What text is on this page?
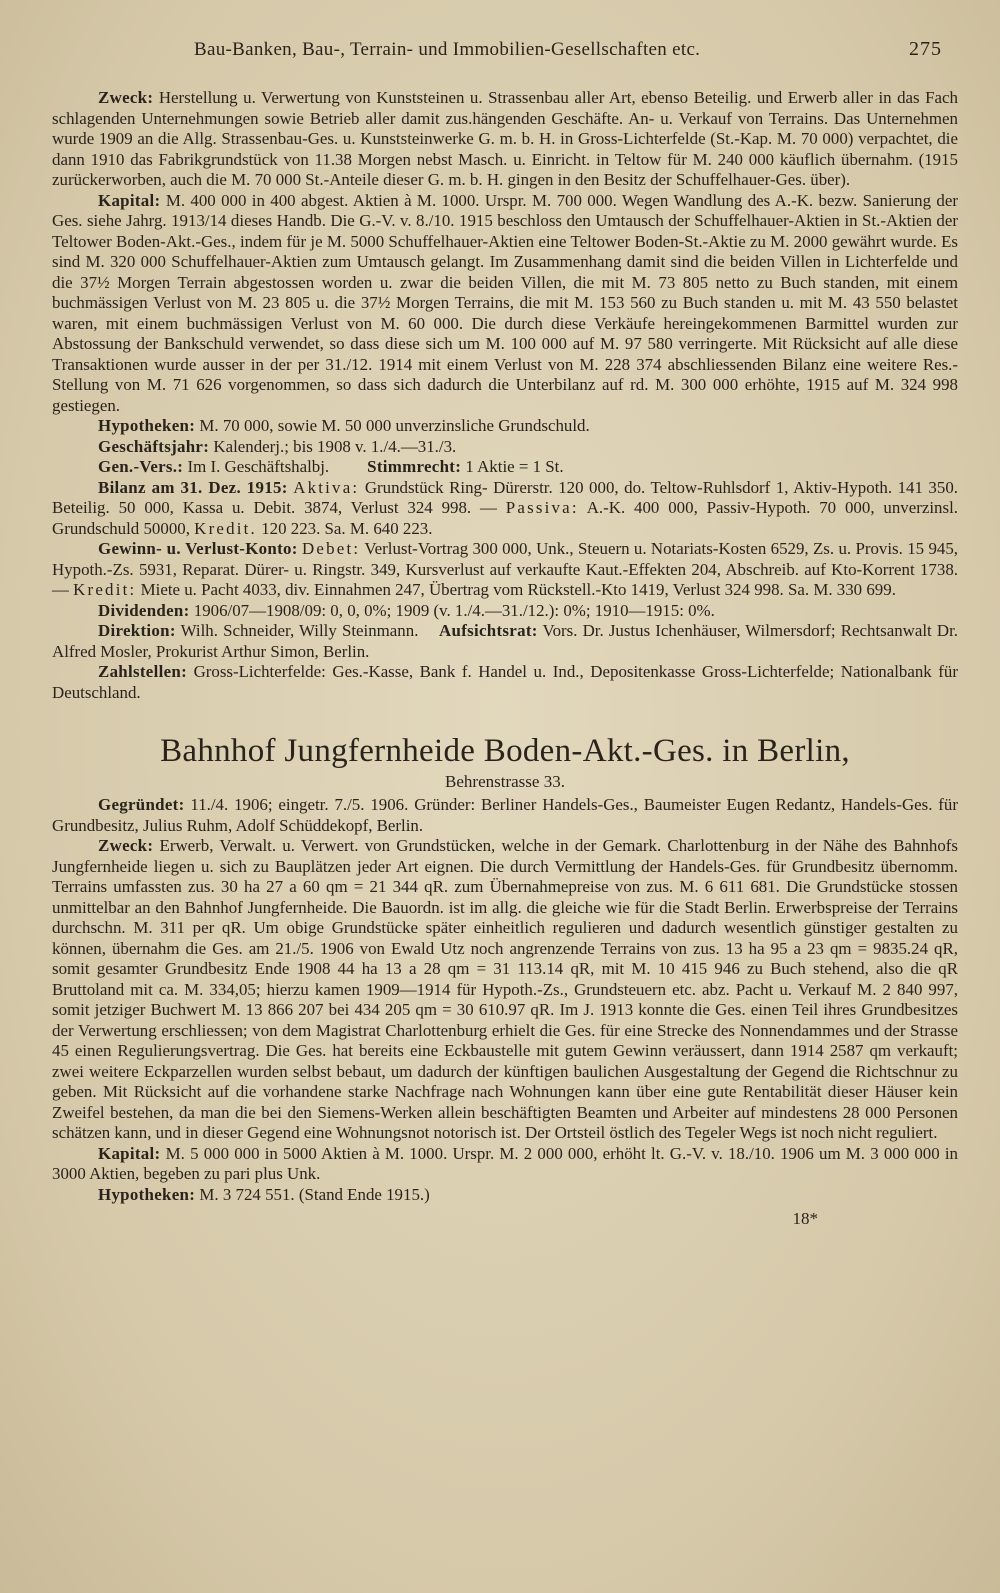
Bau-Banken, Bau-, Terrain- und Immobilien-Gesellschaften etc.	275

Zweck: Herstellung u. Verwertung von Kunststeinen u. Strassenbau aller Art, ebenso Beteilig. und Erwerb aller in das Fach schlagenden Unternehmungen sowie Betrieb aller damit zus.hängenden Geschäfte. An- u. Verkauf von Terrains. Das Unternehmen wurde 1909 an die Allg. Strassenbau-Ges. u. Kunststeinwerke G. m. b. H. in Gross-Lichterfelde (St.-Kap. M. 70 000) verpachtet, die dann 1910 das Fabrikgrundstück von 11.38 Morgen nebst Masch. u. Einricht. in Teltow für M. 240 000 käuflich übernahm. (1915 zurückerworben, auch die M. 70 000 St.-Anteile dieser G. m. b. H. gingen in den Besitz der Schuffelhauer-Ges. über).

Kapital: M. 400 000 in 400 abgest. Aktien à M. 1000. Urspr. M. 700 000. Wegen Wandlung des A.-K. bezw. Sanierung der Ges. siehe Jahrg. 1913/14 dieses Handb. Die G.-V. v. 8./10. 1915 beschloss den Umtausch der Schuffelhauer-Aktien in St.-Aktien der Teltower Boden-Akt.-Ges., indem für je M. 5000 Schuffelhauer-Aktien eine Teltower Boden-St.-Aktie zu M. 2000 gewährt wurde. Es sind M. 320 000 Schuffelhauer-Aktien zum Umtausch gelangt. Im Zusammenhang damit sind die beiden Villen in Lichterfelde und die 37½ Morgen Terrain abgestossen worden u. zwar die beiden Villen, die mit M. 73 805 netto zu Buch standen, mit einem buchmässigen Verlust von M. 23 805 u. die 37½ Morgen Terrains, die mit M. 153 560 zu Buch standen u. mit M. 43 550 belastet waren, mit einem buchmässigen Verlust von M. 60 000. Die durch diese Verkäufe hereingekommenen Barmittel wurden zur Abstossung der Bankschuld verwendet, so dass diese sich um M. 100 000 auf M. 97 580 verringerte. Mit Rücksicht auf alle diese Transaktionen wurde ausser in der per 31./12. 1914 mit einem Verlust von M. 228 374 abschliessenden Bilanz eine weitere Res.-Stellung von M. 71 626 vorgenommen, so dass sich dadurch die Unterbilanz auf rd. M. 300 000 erhöhte, 1915 auf M. 324 998 gestiegen.

Hypotheken: M. 70 000, sowie M. 50 000 unverzinsliche Grundschuld.

Geschäftsjahr: Kalenderj.; bis 1908 v. 1./4.—31./3.

Gen.-Vers.: Im I. Geschäftshalbj. Stimmrecht: 1 Aktie = 1 St.

Bilanz am 31. Dez. 1915: Aktiva: Grundstück Ring- Dürerstr. 120 000, do. Teltow-Ruhlsdorf 1, Aktiv-Hypoth. 141 350. Beteilig. 50 000, Kassa u. Debit. 3874, Verlust 324 998. — Passiva: A.-K. 400 000, Passiv-Hypoth. 70 000, unverzinsl. Grundschuld 50000, Kredit. 120 223. Sa. M. 640 223.

Gewinn- u. Verlust-Konto: Debet: Verlust-Vortrag 300 000, Unk., Steuern u. Notariats-Kosten 6529, Zs. u. Provis. 15 945, Hypoth.-Zs. 5931, Reparat. Dürer- u. Ringstr. 349, Kursverlust auf verkaufte Kaut.-Effekten 204, Abschreib. auf Kto-Korrent 1738. — Kredit: Miete u. Pacht 4033, div. Einnahmen 247, Übertrag vom Rückstell.-Kto 1419, Verlust 324 998. Sa. M. 330 699.

Dividenden: 1906/07—1908/09: 0, 0, 0%; 1909 (v. 1./4.—31./12.): 0%; 1910—1915: 0%.

Direktion: Wilh. Schneider, Willy Steinmann. Aufsichtsrat: Vors. Dr. Justus Ichenhäuser, Wilmersdorf; Rechtsanwalt Dr. Alfred Mosler, Prokurist Arthur Simon, Berlin.

Zahlstellen: Gross-Lichterfelde: Ges.-Kasse, Bank f. Handel u. Ind., Depositenkasse Gross-Lichterfelde; Nationalbank für Deutschland.

Bahnhof Jungfernheide Boden-Akt.-Ges. in Berlin,
Behrenstrasse 33.

Gegründet: 11./4. 1906; eingetr. 7./5. 1906. Gründer: Berliner Handels-Ges., Baumeister Eugen Redantz, Handels-Ges. für Grundbesitz, Julius Ruhm, Adolf Schüddekopf, Berlin.

Zweck: Erwerb, Verwalt. u. Verwert. von Grundstücken, welche in der Gemark. Charlottenburg in der Nähe des Bahnhofs Jungfernheide liegen u. sich zu Bauplätzen jeder Art eignen. Die durch Vermittlung der Handels-Ges. für Grundbesitz übernomm. Terrains umfassten zus. 30 ha 27 a 60 qm = 21 344 qR. zum Übernahmepreise von zus. M. 6 611 681. Die Grundstücke stossen unmittelbar an den Bahnhof Jungfernheide. Die Bauordn. ist im allg. die gleiche wie für die Stadt Berlin. Erwerbspreise der Terrains durchschn. M. 311 per qR. Um obige Grundstücke später einheitlich regulieren und dadurch wesentlich günstiger gestalten zu können, übernahm die Ges. am 21./5. 1906 von Ewald Utz noch angrenzende Terrains von zus. 13 ha 95 a 23 qm = 9835.24 qR, somit gesamter Grundbesitz Ende 1908 44 ha 13 a 28 qm = 31 113.14 qR, mit M. 10 415 946 zu Buch stehend, also die qR Bruttoland mit ca. M. 334,05; hierzu kamen 1909—1914 für Hypoth.-Zs., Grundsteuern etc. abz. Pacht u. Verkauf M. 2 840 997, somit jetziger Buchwert M. 13 866 207 bei 434 205 qm = 30 610.97 qR. Im J. 1913 konnte die Ges. einen Teil ihres Grundbesitzes der Verwertung erschliessen; von dem Magistrat Charlottenburg erhielt die Ges. für eine Strecke des Nonnendammes und der Strasse 45 einen Regulierungsvertrag. Die Ges. hat bereits eine Eckbaustelle mit gutem Gewinn veräussert, dann 1914 2587 qm verkauft; zwei weitere Eckparzellen wurden selbst bebaut, um dadurch der künftigen baulichen Ausgestaltung der Gegend die Richtschnur zu geben. Mit Rücksicht auf die vorhandene starke Nachfrage nach Wohnungen kann über eine gute Rentabilität dieser Häuser kein Zweifel bestehen, da man die bei den Siemens-Werken allein beschäftigten Beamten und Arbeiter auf mindestens 28 000 Personen schätzen kann, und in dieser Gegend eine Wohnungsnot notorisch ist. Der Ortsteil östlich des Tegeler Wegs ist noch nicht reguliert.

Kapital: M. 5 000 000 in 5000 Aktien à M. 1000. Urspr. M. 2 000 000, erhöht lt. G.-V. v. 18./10. 1906 um M. 3 000 000 in 3000 Aktien, begeben zu pari plus Unk.

Hypotheken: M. 3 724 551. (Stand Ende 1915.)

18*
